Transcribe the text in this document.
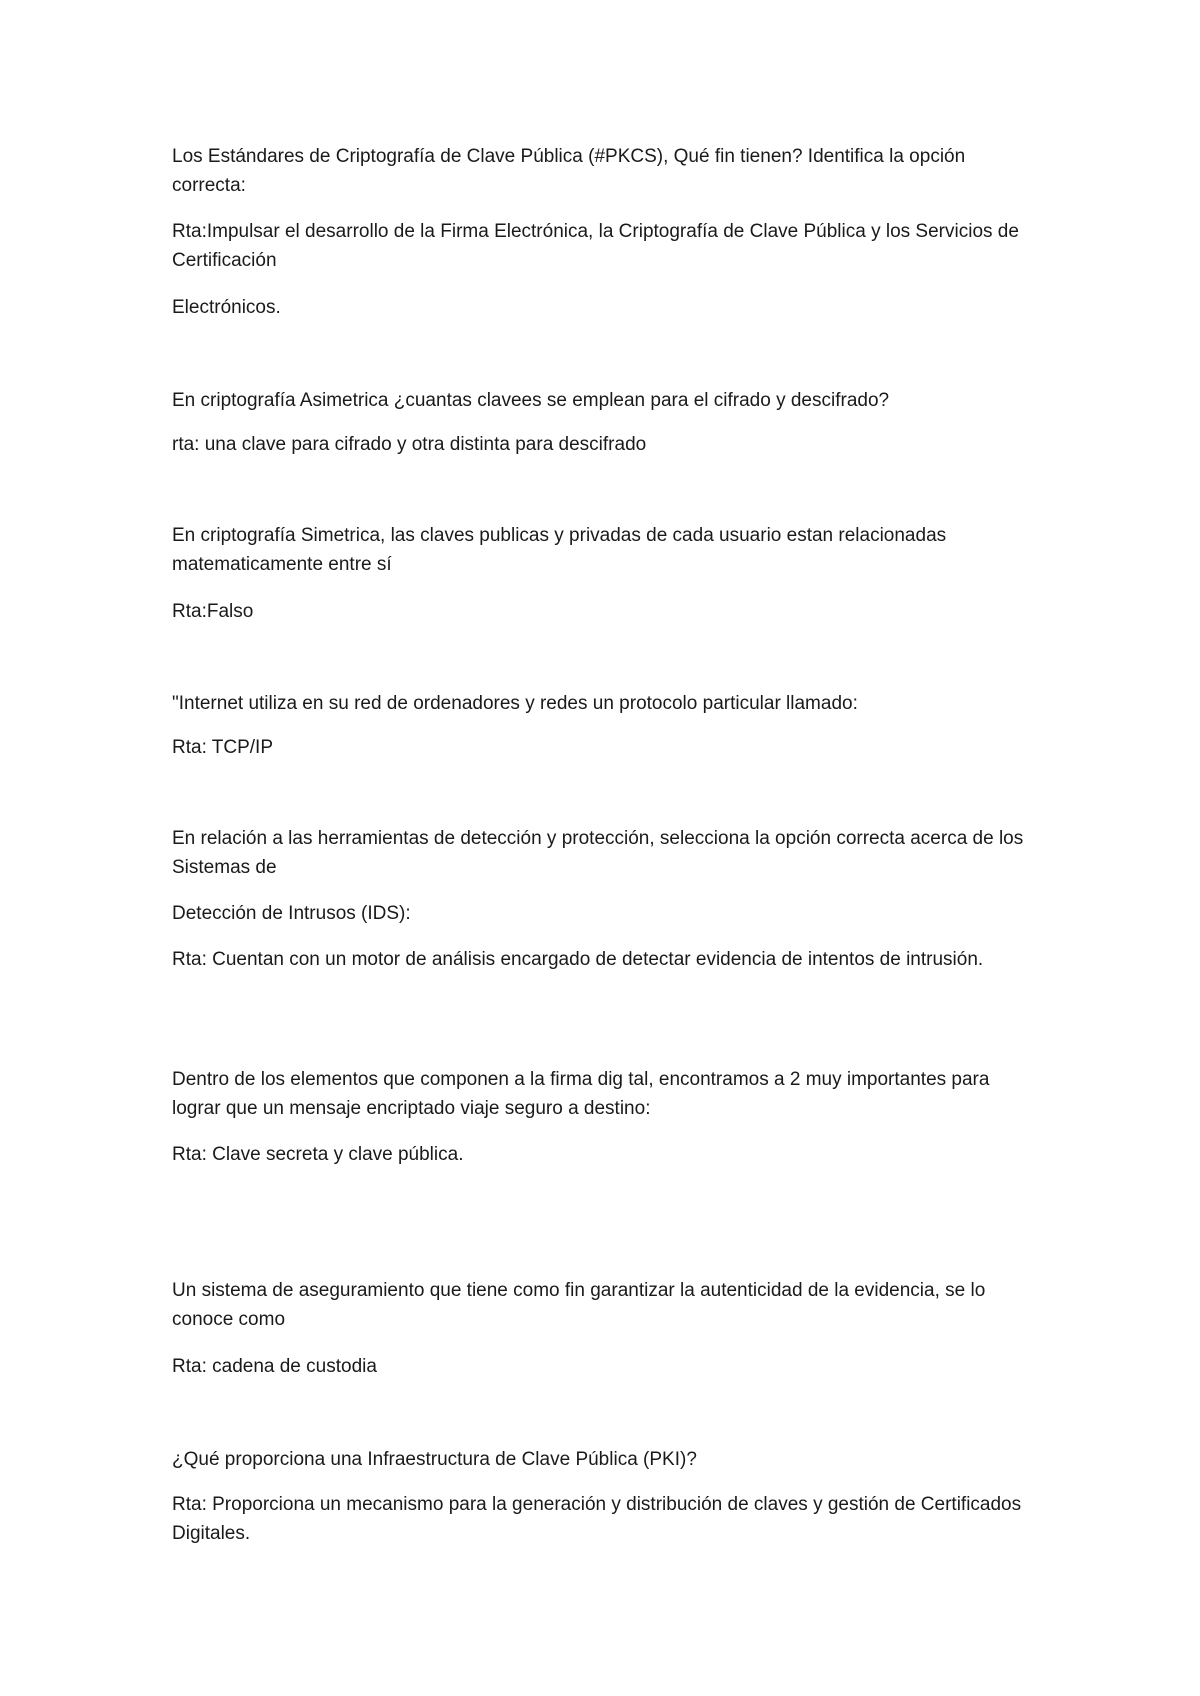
Los Estándares de Criptografía de Clave Pública (#PKCS), Qué fin tienen? Identifica la opción correcta:

Rta:Impulsar el desarrollo de la Firma Electrónica, la Criptografía de Clave Pública y los Servicios de Certificación

Electrónicos.

En criptografía Asimetrica ¿cuantas clavees se emplean para el cifrado y descifrado?

rta: una clave para cifrado y otra distinta para descifrado

En criptografía Simetrica, las claves publicas y privadas de cada usuario estan relacionadas matematicamente entre sí

Rta:Falso

"Internet utiliza en su red de ordenadores y redes un protocolo particular llamado:

Rta: TCP/IP

En relación a las herramientas de detección y protección, selecciona la opción correcta acerca de los Sistemas de

Detección de Intrusos (IDS):

Rta: Cuentan con un motor de análisis encargado de detectar evidencia de intentos de intrusión.

Dentro de los elementos que componen a la firma dig tal, encontramos a 2 muy importantes para lograr que un mensaje encriptado viaje seguro a destino:

Rta: Clave secreta y clave pública.

Un sistema de aseguramiento que tiene como fin garantizar la autenticidad de la evidencia, se lo conoce como

Rta: cadena de custodia

¿Qué proporciona una Infraestructura de Clave Pública (PKI)?

Rta: Proporciona un mecanismo para la generación y distribución de claves y gestión de Certificados Digitales.
